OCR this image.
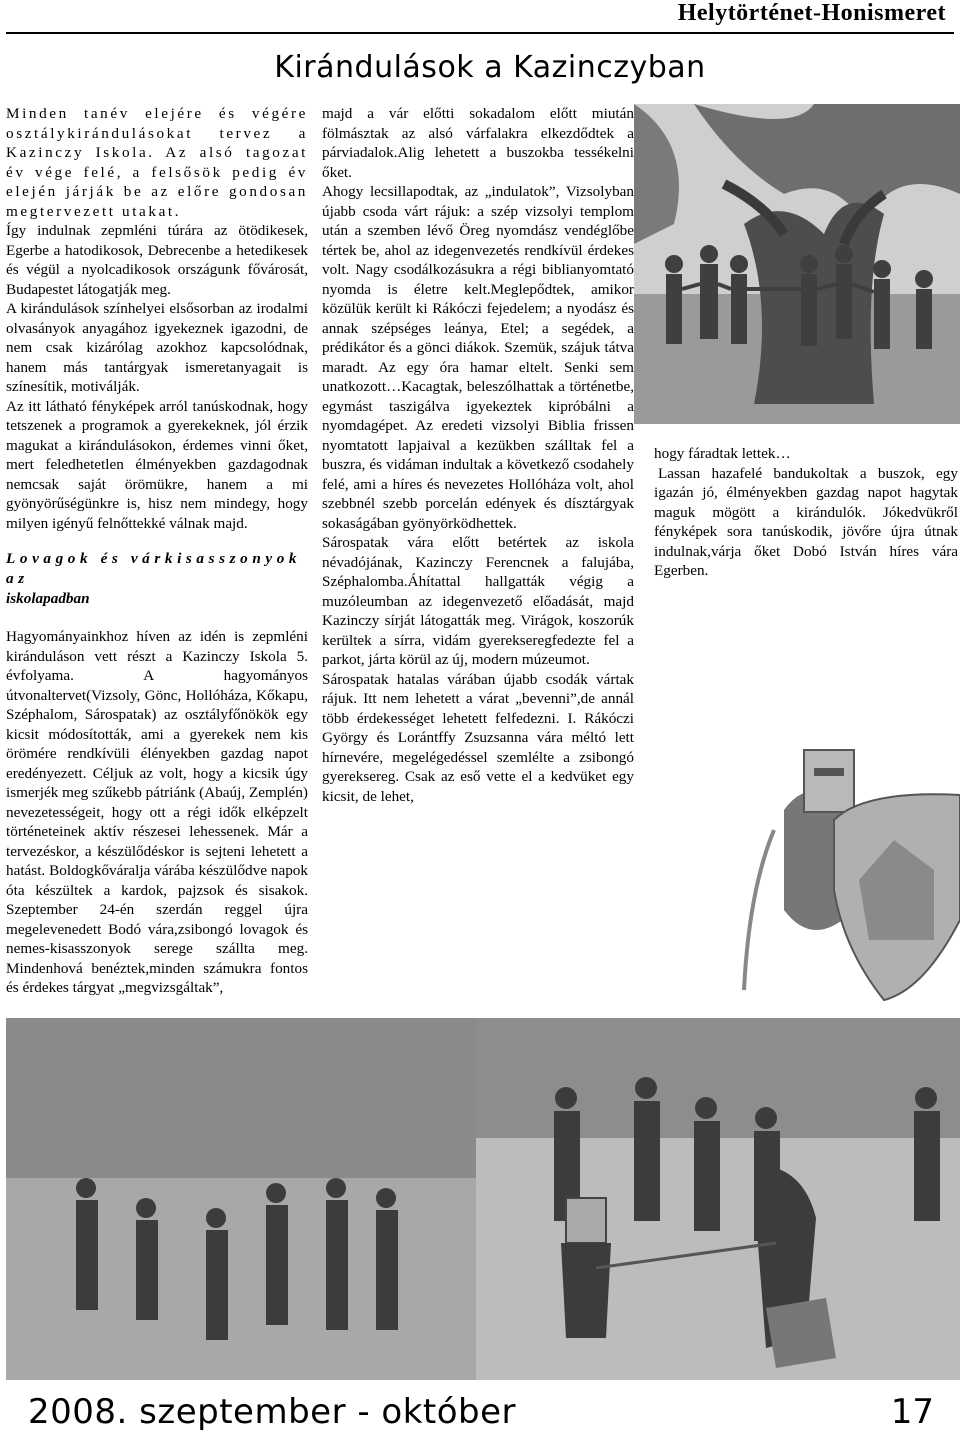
Helytörténet-Honismeret
Kirándulások a Kazinczyban

Minden tanév elejére és végére osztálykirándulásokat tervez a Kazinczy Iskola. Az alsó tagozat év vége felé, a felsősök pedig év elején járják be az előre gondosan megtervezett utakat.

Így indulnak zepmléni túrára az ötödikesek, Egerbe a hatodikosok, Debrecenbe a hetedikesek és végül a nyolcadikosok országunk fővárosát, Budapestet látogatják meg.

A kirándulások színhelyei elsősorban az irodalmi olvasányok anyagához igyekeznek igazodni, de nem csak kizárólag azokhoz kapcsolódnak, hanem más tantárgyak ismeretanyagait is színesítik, motiválják.

Az itt látható fényképek arról tanúskodnak, hogy tetszenek a programok a gyerekeknek, jól érzik magukat a kirándulásokon, érdemes vinni őket, mert feledhetetlen élményekben gazdagodnak nemcsak saját örömükre, hanem a mi gyönyörűségünkre is, hisz nem mindegy, hogy milyen igényű felnőttekké válnak majd.

Lovagok és várkisasszonyok az
iskolapadban

Hagyományainkhoz híven az idén is zepmléni kiránduláson vett részt a Kazinczy Iskola 5. évfolyama. A hagyományos útvonaltervet(Vizsoly, Gönc, Hollóháza, Kőkapu, Széphalom, Sárospatak) az osztályfőnökök egy kicsit módosították, ami a gyerekek nem kis örömére rendkívüli élényekben gazdag napot eredényezett. Céljuk az volt, hogy a kicsik úgy ismerjék meg szűkebb pátriánk (Abaúj, Zemplén) nevezetességeit, hogy ott a régi idők elképzelt történeteinek aktív részesei lehessenek. Már a tervezéskor, a készülődéskor is sejteni lehetett a hatást. Boldogkőváralja várába készülődve napok óta készültek a kardok, pajzsok és sisakok. Szeptember 24-én szerdán reggel újra megelevenedett Bodó vára,zsibongó lovagok és nemes-kisasszonyok serege szállta meg. Mindenhová benéztek,minden számukra fontos és érdekes tárgyat „megvizsgáltak”,

majd a vár előtti sokadalom előtt miután fölmásztak az alsó várfalakra elkezdődtek a párviadalok.Alig lehetett a buszokba tessékelni őket.

Ahogy lecsillapodtak, az „indulatok”, Vizsolyban újabb csoda várt rájuk: a szép vizsolyi templom után a szemben lévő Öreg nyomdász vendéglőbe tértek be, ahol az idegenvezetés rendkívül érdekes volt. Nagy csodálkozásukra a régi biblianyomtató nyomda is életre kelt.Meglepődtek, amikor közülük került ki Rákóczi fejedelem; a nyodász és annak szépséges leánya, Etel; a segédek, a prédikátor és a gönci diákok. Szemük, szájuk tátva maradt. Az egy óra hamar eltelt. Senki sem unatkozott…Kacagtak, beleszólhattak a történetbe, egymást taszigálva igyekeztek kipróbálni a nyomdagépet. Az eredeti vizsolyi Biblia frissen nyomtatott lapjaival a kezükben szálltak fel a buszra, és vidáman indultak a következő csodahely felé, ami a híres és nevezetes Hollóháza volt, ahol szebbnél szebb porcelán edények és dísztárgyak sokaságában gyönyörködhettek.

Sárospatak vára előtt betértek az iskola névadójának, Kazinczy Ferencnek a falujába, Széphalomba.Áhítattal hallgatták végig a muzóleumban az idegenvezető előadását, majd Kazinczy sírját látogatták meg. Virágok, koszorúk kerültek a sírra, vidám gyerekseregfedezte fel a parkot, járta körül az új, modern múzeumot.

Sárospatak hatalas várában újabb csodák vártak rájuk. Itt nem lehetett a várat „bevenni”,de annál több érdekességet lehetett felfedezni. I. Rákóczi György és Lorántffy Zsuzsanna vára méltó lett hírnevére, megelégedéssel szemlélte a zsibongó gyereksereg. Csak az eső vette el a kedvüket egy kicsit, de lehet,

hogy fáradtak lettek…

Lassan hazafelé bandukoltak a buszok, egy igazán jó, élményekben gazdag napot hagytak maguk mögött a kirándulók. Jókedvükről fényképek sora tanúskodik, jövőre újra útnak indulnak,várja őket Dobó István híres vára Egerben.

2008. szeptember - október	17
